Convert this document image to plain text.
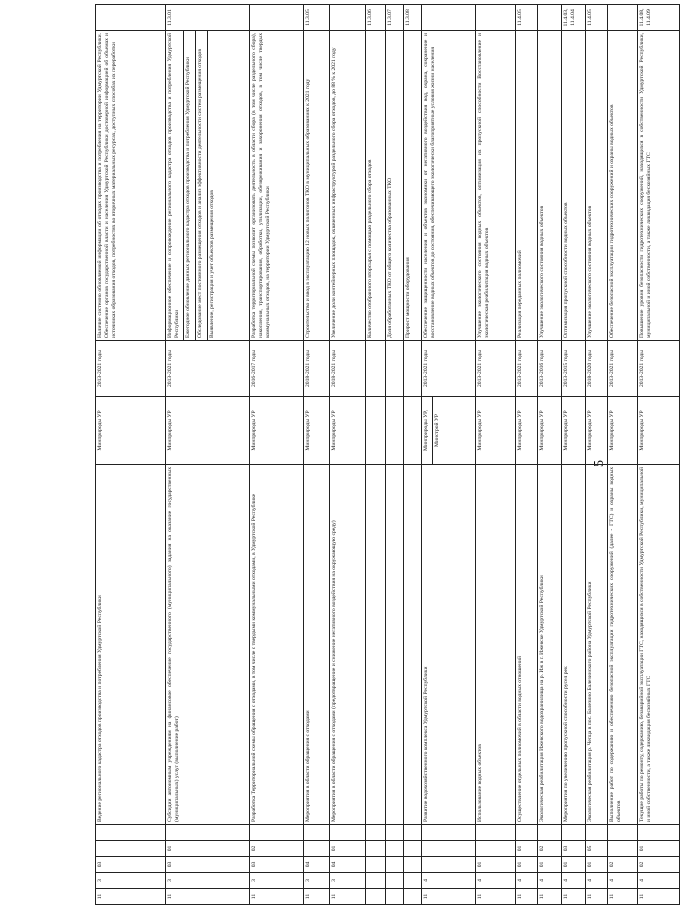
5
11	3	03			Ведение регионального кадастра отходов производства и потребления Удмуртской Республики	Минприроды УР	2013-2021 годы	Наличие системно обновляемой информации об отходах производства и потребления на территории Удмуртской Республики. Обеспечение органов государственной власти и населения Удмуртской Республики достоверной информацией об объемах и источниках образования отходов, потребностях во вторичных материальных ресурсах, доступных способах их переработки	

11	3	03	01		Субсидии автономным учреждениям на финансовое обеспечение государственного (муниципального) задания на оказание государственных (муниципальных) услуг (выполнение работ)	Минприроды УР	2013-2021 годы	Информационное обеспечение и сопровождение регионального кадастра отходов производства и потребления Удмуртской Республики Ежегодное обновление данных регионального кадастра отходов производства и потребления Удмуртской Республики Обследование мест постоянного размещения отходов и анализ эффективности деятельности систем размещения отходов Выявление, регистрация и учет объектов размещения отходов	11.3.01
11	3	03	02		Разработка Территориальной схемы обращения с отходами, в том числе с твердыми коммунальными отходами, в Удмуртской Республике	Минприроды УР	2016-2017 годы	Разработка территориальной схемы позволит организовать деятельность в области сбора (в том числе раздельного сбора), накопления, транспортирования, обработки, утилизации, обезвреживания и захоронения отходов, в том числе твердых коммунальных отходов, на территории Удмуртской Республики	

11	3	04			Мероприятия в области обращения с отходами	Минприроды УР	2018-2021 годы	Строительство и ввод в эксплуатацию 12 новых полигонов ТКО в муниципальных образованиях к 2021 году	11.3.05
11	3	04	01		Мероприятия в области обращения с отходами (предотвращение и снижение негативного воздействия на окружающую среду)	Минприроды УР	2018-2021 годы	Увеличение доли контейнерных площадок, охваченных инфраструктурой раздельного сбора отходов, до 88 % к 2021 году	

								Количество отобранного вторсырья с помощью раздельного сбора отходов	11.3.06

								Доля обработанных ТКО от общего количества образованных ТКО	11.3.07

								Прирост мощности оборудования	11.3.08
11	4				Развитие водохозяйственного комплекса Удмуртской Республики	Минприроды УР, Минстрой УР	2013-2021 годы	Обеспечение защищенности населения и объектов экономики от негативного воздействия вод, охрана, сохранение и восстановление водных объектов до состояния, обеспечивающего экологически благоприятные условия жизни населения	

11	4	01			Использование водных объектов	Минприроды УР	2013-2021 годы	Улучшение экологического состояния водных объектов, оптимизация их пропускной способности Восстановление и экологическая реабилитация водных объектов	

11	4	01	01		Осуществление отдельных полномочий в области водных отношений	Минприроды УР	2013-2021 годы	Реализация переданных полномочий	11.4.05
11	4	01	02		Экологическая реабилитация Ижевского водохранилища на р. Иж в г. Ижевске Удмуртской Республики	Минприроды УР	2013-2016 годы	Улучшение экологического состояния водных объектов	

11	4	01	03		Мероприятия по увеличению пропускной способности русел рек	Минприроды УР	2013-2015 годы	Оптимизация пропускной способности водных объектов	11.4.03, 11.4.04
11	4	01	05		Экологическая реабилитация р. Чепца в пос. Балезино Балезинского района Удмуртской Республики	Минприроды УР	2018-2020 годы	Улучшение экологического состояния водных объектов	11.4.05
11	4	02			Выполнение работ по содержанию и обеспечению безопасной эксплуатации гидротехнических сооружений (далее - ГТС) и охраны водных объектов	Минприроды УР	2013-2021 годы	Обеспечение безопасной эксплуатации гидротехнических сооружений и охраны водных объектов	

11	4	02	01		Текущие работы по ремонту, содержанию, безаварийной эксплуатации ГТС, находящихся в собственности Удмуртской Республики, муниципальной и иной собственности, а также ликвидация бесхозяйных ГТС	Минприроды УР	2013-2021 годы	Повышение уровня безопасности гидротехнических сооружений, находящихся в собственности Удмуртской Республики, муниципальной и иной собственности, а также ликвидация бесхозяйных ГТС	11.4.08, 11.4.09
